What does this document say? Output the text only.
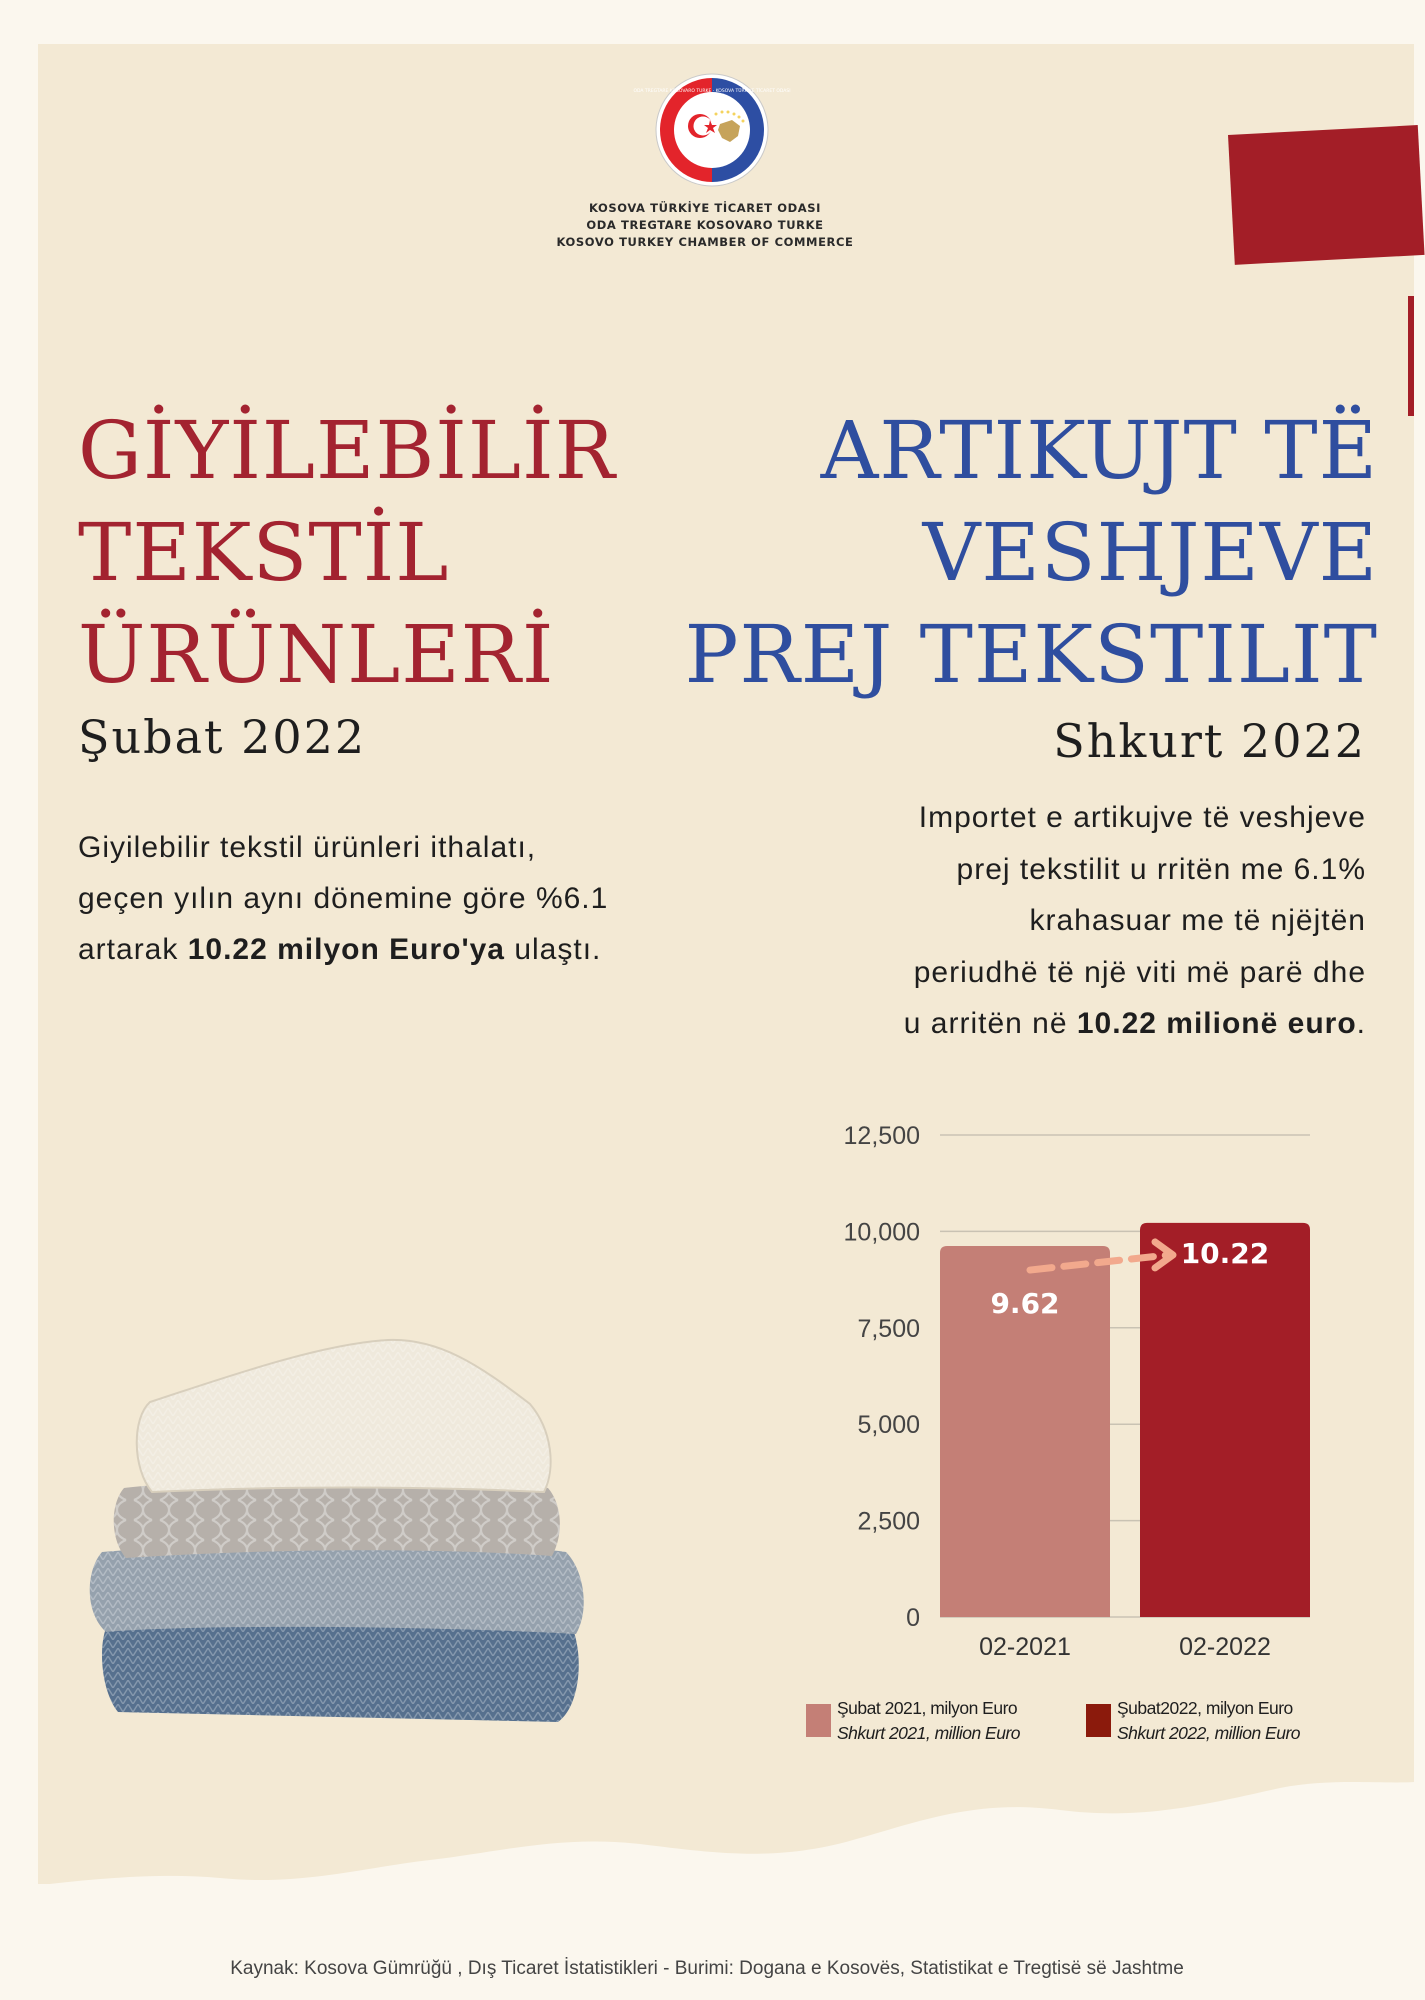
ODA TREGTARE KOSOVARO TURKE · KOSOVA TÜRKİYE TİCARET ODASI
KOSOVA TÜRKİYE TİCARET ODASI
ODA TREGTARE KOSOVARO TURKE
KOSOVO TURKEY CHAMBER OF COMMERCE
GİYİLEBİLİR
TEKSTİL
ÜRÜNLERİ
Şubat 2022
ARTIKUJT TË
VESHJEVE
PREJ TEKSTILIT
Shkurt 2022
Giyilebilir tekstil ürünleri ithalatı,
geçen yılın aynı dönemine göre %6.1
artarak 10.22 milyon Euro'ya ulaştı.
Importet e artikujve të veshjeve
prej tekstilit u rritën me 6.1%
krahasuar me të njëjtën
periudhë të një viti më parë dhe
u arritën në 10.22 milionë euro.
0
2,500
5,000
7,500
10,000
12,500
02-2021
9.62
02-2022
10.22
Şubat 2021, milyon Euro
Shkurt 2021, million Euro
Şubat2022, milyon Euro
Shkurt 2022, million Euro
Kaynak: Kosova Gümrüğü , Dış Ticaret İstatistikleri - Burimi: Dogana e Kosovës, Statistikat e Tregtisë së Jashtme
